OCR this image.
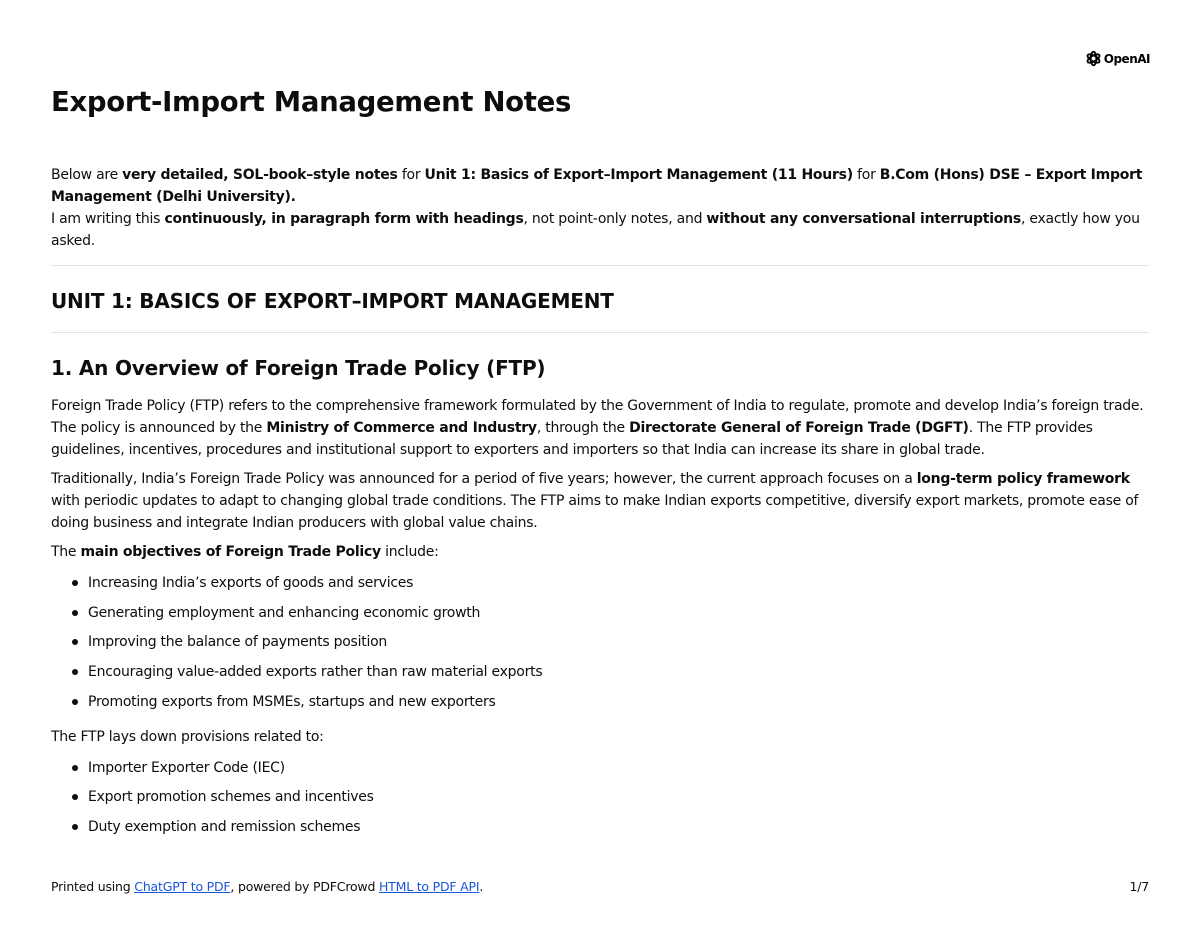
OpenAI
Export-Import Management Notes

Below are very detailed, SOL-book–style notes for Unit 1: Basics of Export–Import Management (11 Hours) for B.Com (Hons) DSE – Export Import Management (Delhi University).

I am writing this continuously, in paragraph form with headings, not point-only notes, and without any conversational interruptions, exactly how you asked.

UNIT 1: BASICS OF EXPORT–IMPORT MANAGEMENT
1. An Overview of Foreign Trade Policy (FTP)

Foreign Trade Policy (FTP) refers to the comprehensive framework formulated by the Government of India to regulate, promote and develop India’s foreign trade. The policy is announced by the Ministry of Commerce and Industry, through the Directorate General of Foreign Trade (DGFT). The FTP provides guidelines, incentives, procedures and institutional support to exporters and importers so that India can increase its share in global trade.

Traditionally, India’s Foreign Trade Policy was announced for a period of five years; however, the current approach focuses on a long-term policy framework with periodic updates to adapt to changing global trade conditions. The FTP aims to make Indian exports competitive, diversify export markets, promote ease of doing business and integrate Indian producers with global value chains.

The main objectives of Foreign Trade Policy include:

Increasing India’s exports of goods and services
Generating employment and enhancing economic growth
Improving the balance of payments position
Encouraging value-added exports rather than raw material exports
Promoting exports from MSMEs, startups and new exporters

The FTP lays down provisions related to:

Importer Exporter Code (IEC)
Export promotion schemes and incentives
Duty exemption and remission schemes
Printed using ChatGPT to PDF, powered by PDFCrowd HTML to PDF API.	1/7
